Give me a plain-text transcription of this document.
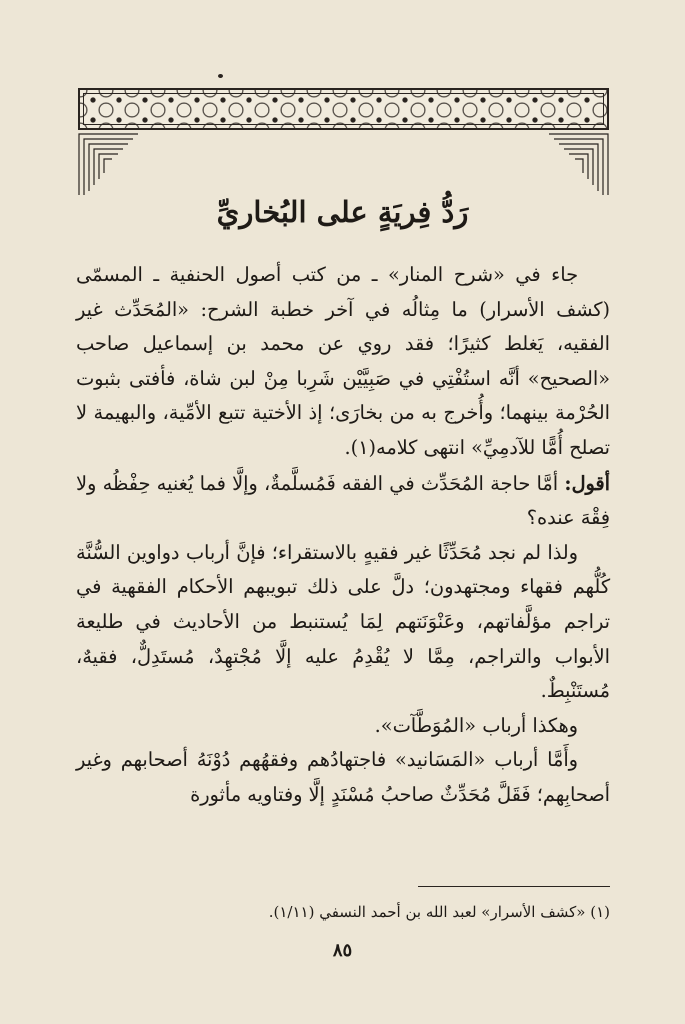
رَدُّ فِريَةٍ على البُخاريِّ

جاء في «شرح المنار» ـ من كتب أصول الحنفية ـ المسمّى (كشف الأسرار) ما مِثالُه في آخر خطبة الشرح: «المُحَدِّث غير الفقيه، يَغلط كثيرًا؛ فقد روي عن محمد بن إسماعيل صاحب «الصحيح» أنَّه استُفْتِي في صَبِيَّيْن شَرِبا مِنْ لبن شاة، فأفتى بثبوت الحُرْمة بينهما؛ وأُخرج به من بخارَى؛ إذ الأختية تتبع الأمِّية، والبهيمة لا تصلح أُمًّا للآدمِيِّ» انتهى كلامه(١).

أقول: أمَّا حاجة المُحَدِّث في الفقه فَمُسلَّمةٌ، وإلَّا فما يُغنيه حِفْظُه ولا فِقْهَ عنده؟

ولذا لم نجد مُحَدِّثًا غير فقيهٍ بالاستقراء؛ فإنَّ أرباب دواوين السُّنَّة كُلُّهم فقهاء ومجتهدون؛ دلَّ على ذلك تبويبهم الأحكام الفقهية في تراجم مؤلَّفاتهم، وعَنْوَنَتهم لِمَا يُستنبط من الأحاديث في طليعة الأبواب والتراجم، مِمَّا لا يُقْدِمُ عليه إلَّا مُجْتهِدٌ، مُستَدِلٌّ، فقيهٌ، مُستَنْبِطٌ.

وهكذا أرباب «المُوَطَّآت».

وأَمَّا أرباب «المَسَانيد» فاجتهادُهم وفقهُهم دُوْنَهُ أصحابهم وغير أصحابِهم؛ فَقَلَّ مُحَدِّثٌ صاحبُ مُسْنَدٍ إلَّا وفتاويه مأثورة

(١) «كشف الأسرار» لعبد الله بن أحمد النسفي (١/١١).
٨٥
